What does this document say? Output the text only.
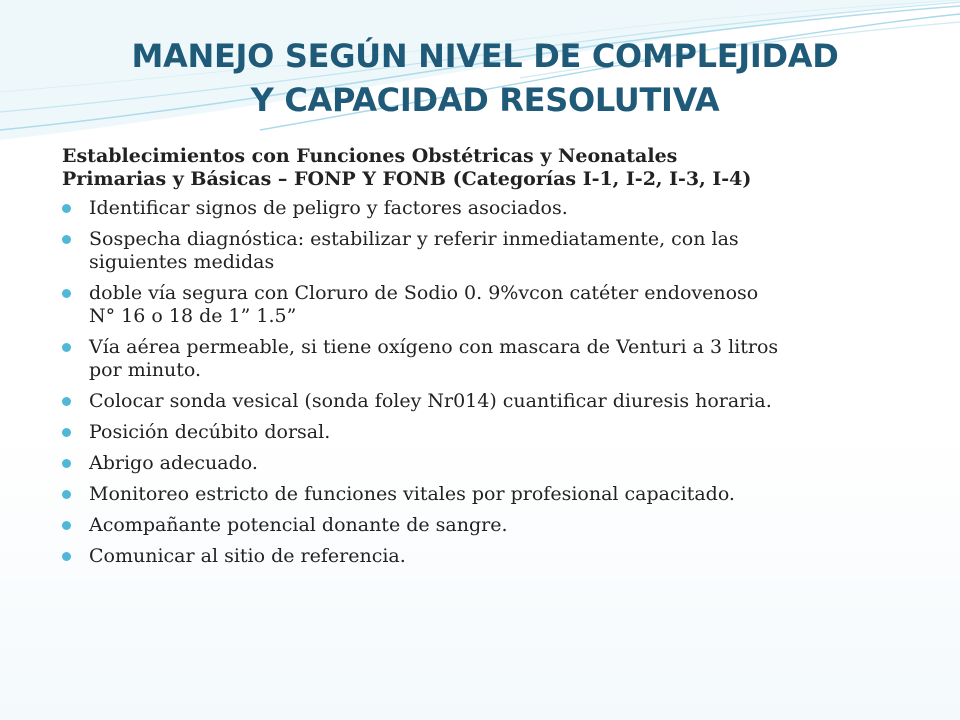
MANEJO SEGÚN NIVEL DE COMPLEJIDAD
Y CAPACIDAD RESOLUTIVA
Establecimientos con Funciones Obstétricas y Neonatales
Primarias y Básicas – FONP Y FONB (Categorías I-1, I-2, I-3, I-4)
Identificar signos de peligro y factores asociados.
Sospecha diagnóstica: estabilizar y referir inmediatamente, con las
siguientes medidas
doble vía segura con Cloruro de Sodio 0. 9%vcon catéter endovenoso
N° 16 o 18 de 1” 1.5”
Vía aérea permeable, si tiene oxígeno con mascara de Venturi a 3 litros
por minuto.
Colocar sonda vesical (sonda foley Nr014) cuantificar diuresis horaria.
Posición decúbito dorsal.
Abrigo adecuado.
Monitoreo estricto de funciones vitales por profesional capacitado.
Acompañante potencial donante de sangre.
Comunicar al sitio de referencia.
